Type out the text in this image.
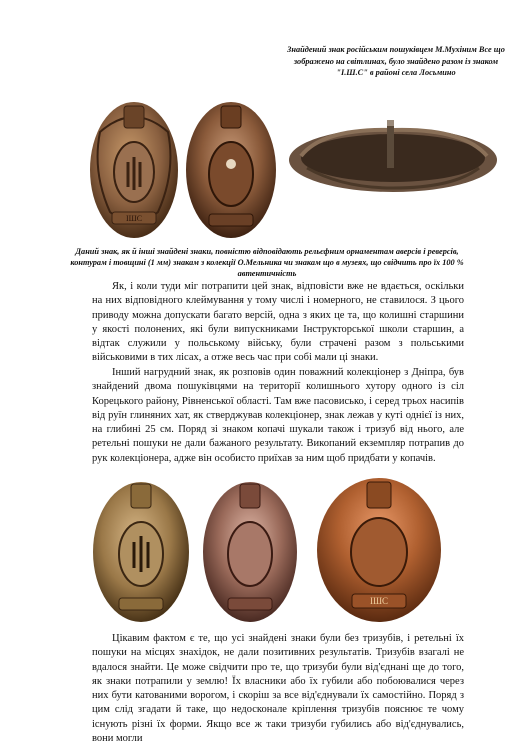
Знайдений знак російським пошуківцем М.Мухіним Все що зображено на світлинах, було знайдено разом із знаком "І.Ш.С" в районі села Лосьмино
ІШС
Даний знак, як й інші знайдені знаки, повністю відповідають рельєфним орнаментам аверсів і реверсів, контурам і товщині (1 мм) знакам з колекції О.Мельника чи знакам що в музеях, що свідчить про їх 100 % автентичність

Як, і коли туди міг потрапити цей знак, відповісти вже не вдається, оскільки на них відповідного клеймування у тому числі і номерного, не ставилося. З цього приводу можна допускати багато версій, одна з яких це та, що колишні старшини у якості полонених, які були випускниками Інструкторської школи старшин, а відтак служили у польському війську, були страчені разом з польськими військовими в тих лісах, а отже весь час при собі мали ці знаки.

Інший нагрудний знак, як розповів один поважний колекціонер з Дніпра, був знайдений двома пошуківцями на території колишнього хутору одного із сіл Корецького району, Рівненської області. Там вже пасовисько, і серед трьох насипів від руїн глиняних хат, як стверджував колекціонер, знак лежав у куті однієї із них, на глибині 25 см. Поряд зі знаком копачі шукали також і тризуб від нього, але ретельні пошуки не дали бажаного результату. Викопаний екземпляр потрапив до рук колекціонера, адже він особисто приїхав за ним щоб придбати у копачів.

ІШС

Цікавим фактом є те, що усі знайдені знаки були без тризубів, і ретельні їх пошуки на місцях знахідок, не дали позитивних результатів. Тризубів взагалі не вдалося знайти. Це може свідчити про те, що тризуби були від'єднані ще до того, як знаки потрапили у землю! Їх власники або їх губили або побоювалися через них бути катованими ворогом, і скоріш за все від'єднували їх самостійно. Поряд з цим слід згадати й таке, що недосконале кріплення тризубів пояснює те чому існують різні їх форми. Якщо все ж таки тризуби губились або від'єднувались, вони могли
